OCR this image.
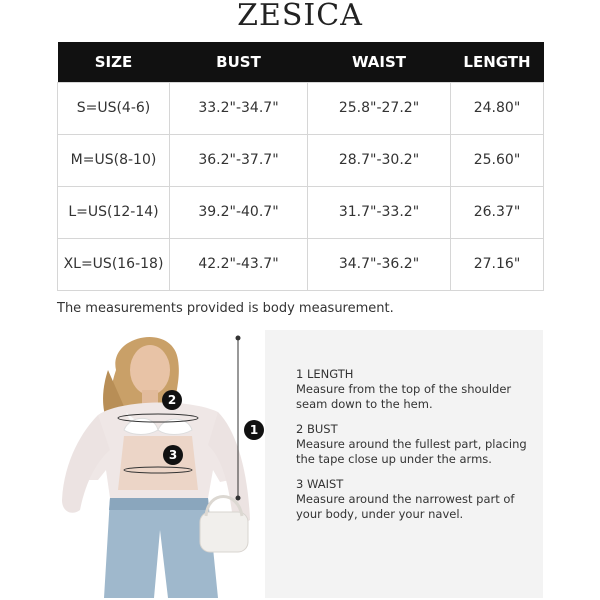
ZESICA
SIZE	BUST	WAIST	LENGTH
S=US(4-6)	33.2"-34.7"	25.8"-27.2"	24.80"
M=US(8-10)	36.2"-37.7"	28.7"-30.2"	25.60"
L=US(12-14)	39.2"-40.7"	31.7"-33.2"	26.37"
XL=US(16-18)	42.2"-43.7"	34.7"-36.2"	27.16"
The measurements provided is body measurement.
2
3
1
1 LENGTH
Measure from the top of the shoulder
seam down to the hem.
2 BUST
Measure around the fullest part, placing
the tape close up under the arms.
3 WAIST
Measure around the narrowest part of
your body, under your navel.
